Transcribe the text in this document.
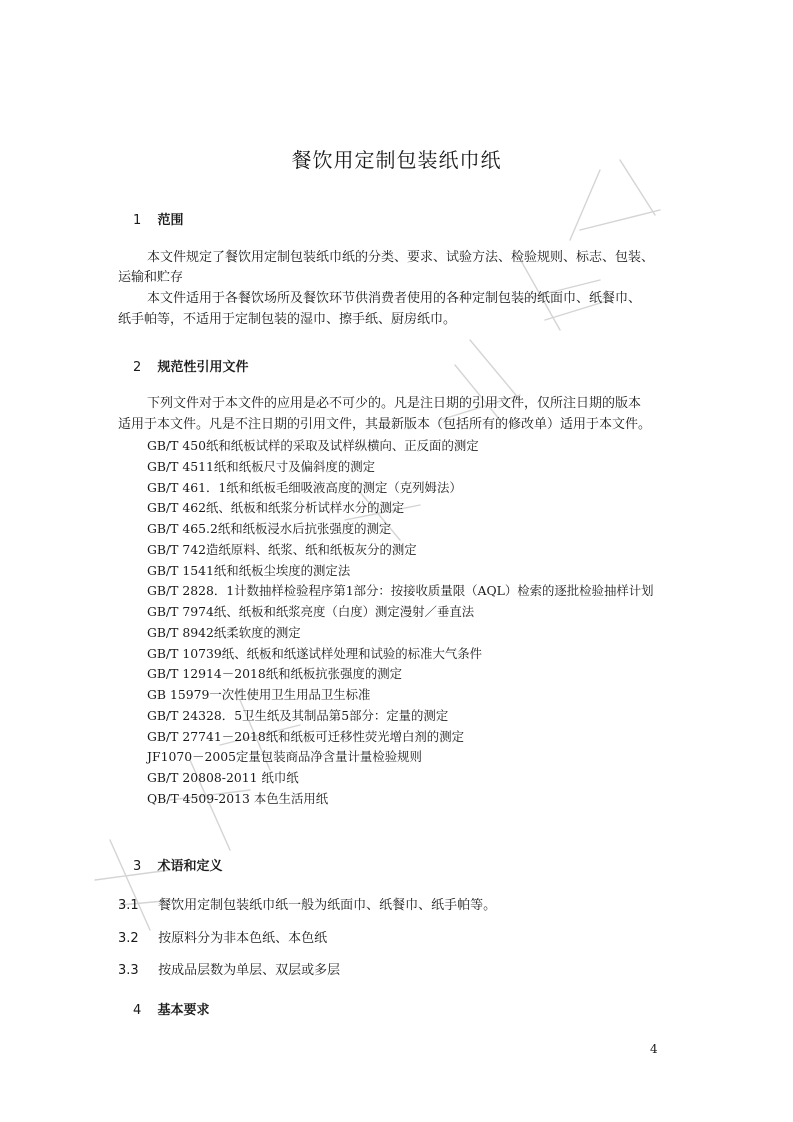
餐饮用定制包装纸巾纸
1 范围
本文件规定了餐饮用定制包装纸巾纸的分类、要求、试验方法、检验规则、标志、包装、
运输和贮存
本文件适用于各餐饮场所及餐饮环节供消费者使用的各种定制包装的纸面巾、纸餐巾、
纸手帕等，不适用于定制包装的湿巾、擦手纸、厨房纸巾。
2 规范性引用文件
下列文件对于本文件的应用是必不可少的。凡是注日期的引用文件，仅所注日期的版本
适用于本文件。凡是不注日期的引用文件，其最新版本（包括所有的修改单）适用于本文件。
GB/T 450纸和纸板试样的采取及试样纵横向、正反面的测定
GB/T 4511纸和纸板尺寸及偏斜度的测定
GB/T 461．1纸和纸板毛细吸液高度的测定（克列姆法）
GB/T 462纸、纸板和纸浆分析试样水分的测定
GB/T 465.2纸和纸板浸水后抗张强度的测定
GB/T 742造纸原料、纸浆、纸和纸板灰分的测定
GB/T 1541纸和纸板尘埃度的测定法
GB/T 2828．1计数抽样检验程序第1部分：按接收质量限（AQL）检索的逐批检验抽样计划
GB/T 7974纸、纸板和纸浆亮度（白度）测定漫射／垂直法
GB/T 8942纸柔软度的测定
GB/T 10739纸、纸板和纸遂试样处理和试验的标准大气条件
GB/T 12914－2018纸和纸板抗张强度的测定
GB 15979一次性使用卫生用品卫生标准
GB/T 24328．5卫生纸及其制品第5部分：定量的测定
GB/T 27741－2018纸和纸板可迁移性荧光增白剂的测定
JF1070－2005定量包装商品净含量计量检验规则
GB/T 20808-2011 纸巾纸
QB/T 4509-2013 本色生活用纸
3 术语和定义
3.1 餐饮用定制包装纸巾纸一般为纸面巾、纸餐巾、纸手帕等。
3.2 按原料分为非本色纸、本色纸
3.3 按成品层数为单层、双层或多层
4 基本要求
4
